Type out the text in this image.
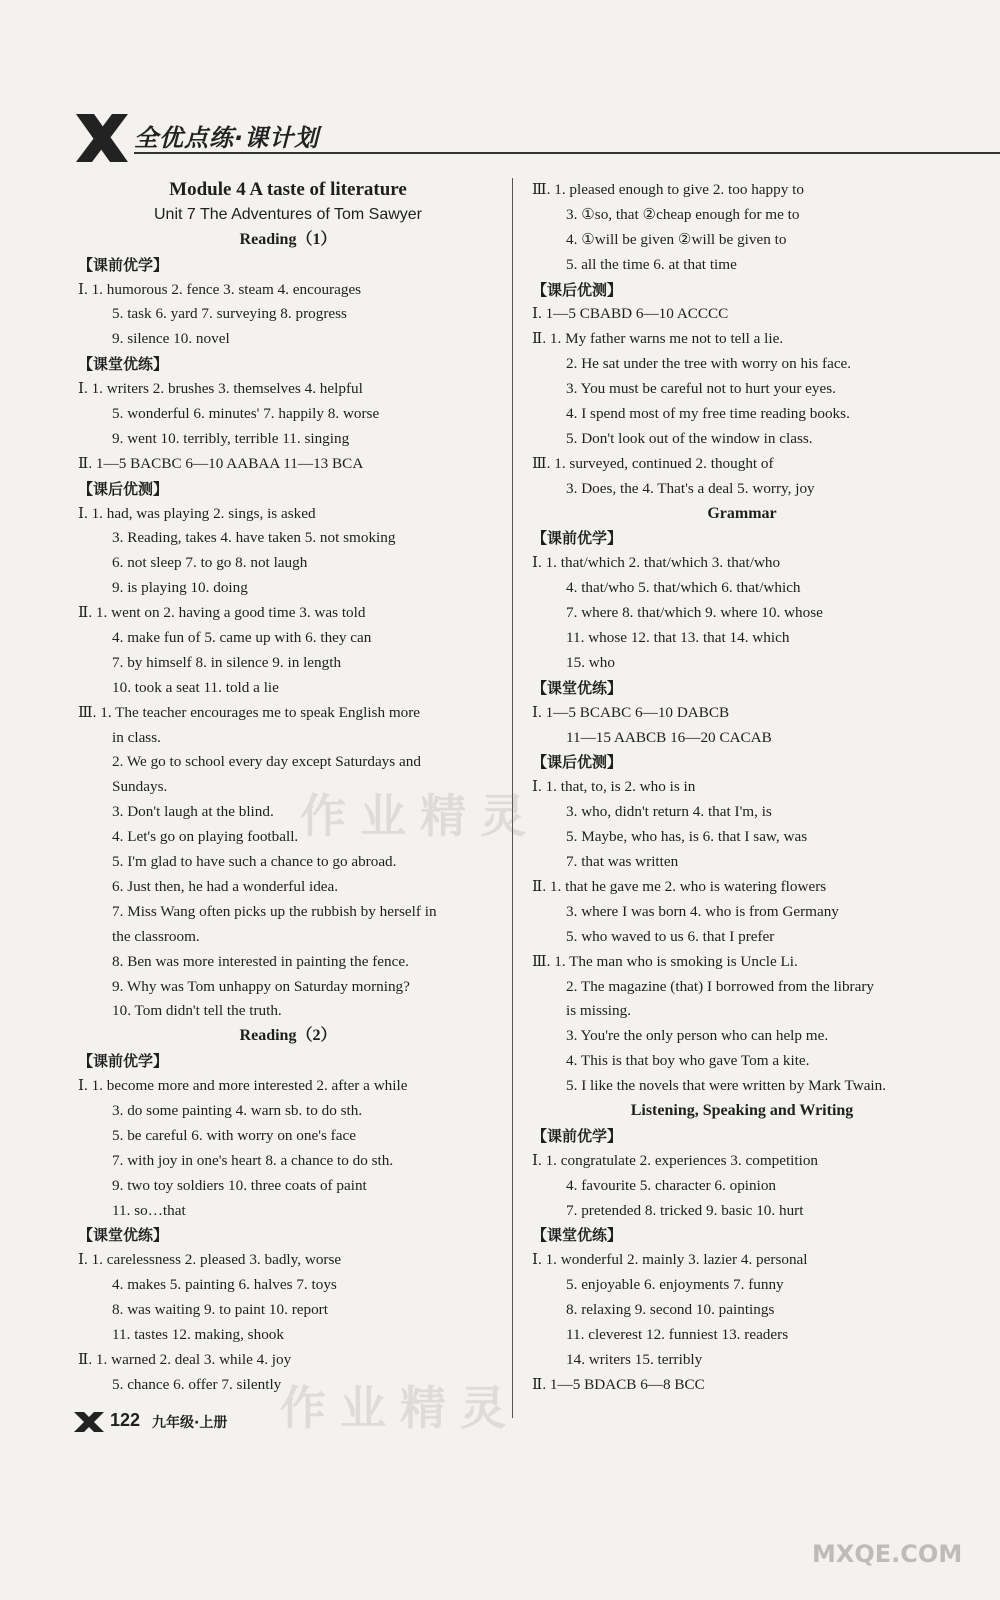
全优点练·课计划
Module 4 A taste of literature
Unit 7 The Adventures of Tom Sawyer
Reading（1）
【课前优学】
Ⅰ. 1. humorous 2. fence 3. steam 4. encourages
5. task 6. yard 7. surveying 8. progress
9. silence 10. novel
【课堂优练】
Ⅰ. 1. writers 2. brushes 3. themselves 4. helpful
5. wonderful 6. minutes' 7. happily 8. worse
9. went 10. terribly, terrible 11. singing
Ⅱ. 1—5 BACBC 6—10 AABAA 11—13 BCA
【课后优测】
Ⅰ. 1. had, was playing 2. sings, is asked
3. Reading, takes 4. have taken 5. not smoking
6. not sleep 7. to go 8. not laugh
9. is playing 10. doing
Ⅱ. 1. went on 2. having a good time 3. was told
4. make fun of 5. came up with 6. they can
7. by himself 8. in silence 9. in length
10. took a seat 11. told a lie
Ⅲ. 1. The teacher encourages me to speak English more
in class.
2. We go to school every day except Saturdays and
Sundays.
3. Don't laugh at the blind.
4. Let's go on playing football.
5. I'm glad to have such a chance to go abroad.
6. Just then, he had a wonderful idea.
7. Miss Wang often picks up the rubbish by herself in
the classroom.
8. Ben was more interested in painting the fence.
9. Why was Tom unhappy on Saturday morning?
10. Tom didn't tell the truth.
Reading（2）
【课前优学】
Ⅰ. 1. become more and more interested 2. after a while
3. do some painting 4. warn sb. to do sth.
5. be careful 6. with worry on one's face
7. with joy in one's heart 8. a chance to do sth.
9. two toy soldiers 10. three coats of paint
11. so…that
【课堂优练】
Ⅰ. 1. carelessness 2. pleased 3. badly, worse
4. makes 5. painting 6. halves 7. toys
8. was waiting 9. to paint 10. report
11. tastes 12. making, shook
Ⅱ. 1. warned 2. deal 3. while 4. joy
5. chance 6. offer 7. silently
Ⅲ. 1. pleased enough to give 2. too happy to
3. ①so, that ②cheap enough for me to
4. ①will be given ②will be given to
5. all the time 6. at that time
【课后优测】
Ⅰ. 1—5 CBABD 6—10 ACCCC
Ⅱ. 1. My father warns me not to tell a lie.
2. He sat under the tree with worry on his face.
3. You must be careful not to hurt your eyes.
4. I spend most of my free time reading books.
5. Don't look out of the window in class.
Ⅲ. 1. surveyed, continued 2. thought of
3. Does, the 4. That's a deal 5. worry, joy
Grammar
【课前优学】
Ⅰ. 1. that/which 2. that/which 3. that/who
4. that/who 5. that/which 6. that/which
7. where 8. that/which 9. where 10. whose
11. whose 12. that 13. that 14. which
15. who
【课堂优练】
Ⅰ. 1—5 BCABC 6—10 DABCB
11—15 AABCB 16—20 CACAB
【课后优测】
Ⅰ. 1. that, to, is 2. who is in
3. who, didn't return 4. that I'm, is
5. Maybe, who has, is 6. that I saw, was
7. that was written
Ⅱ. 1. that he gave me 2. who is watering flowers
3. where I was born 4. who is from Germany
5. who waved to us 6. that I prefer
Ⅲ. 1. The man who is smoking is Uncle Li.
2. The magazine (that) I borrowed from the library
is missing.
3. You're the only person who can help me.
4. This is that boy who gave Tom a kite.
5. I like the novels that were written by Mark Twain.
Listening, Speaking and Writing
【课前优学】
Ⅰ. 1. congratulate 2. experiences 3. competition
4. favourite 5. character 6. opinion
7. pretended 8. tricked 9. basic 10. hurt
【课堂优练】
Ⅰ. 1. wonderful 2. mainly 3. lazier 4. personal
5. enjoyable 6. enjoyments 7. funny
8. relaxing 9. second 10. paintings
11. cleverest 12. funniest 13. readers
14. writers 15. terribly
Ⅱ. 1—5 BDACB 6—8 BCC
作业精灵
作业精灵
MXQE.COM
122 九年级·上册
